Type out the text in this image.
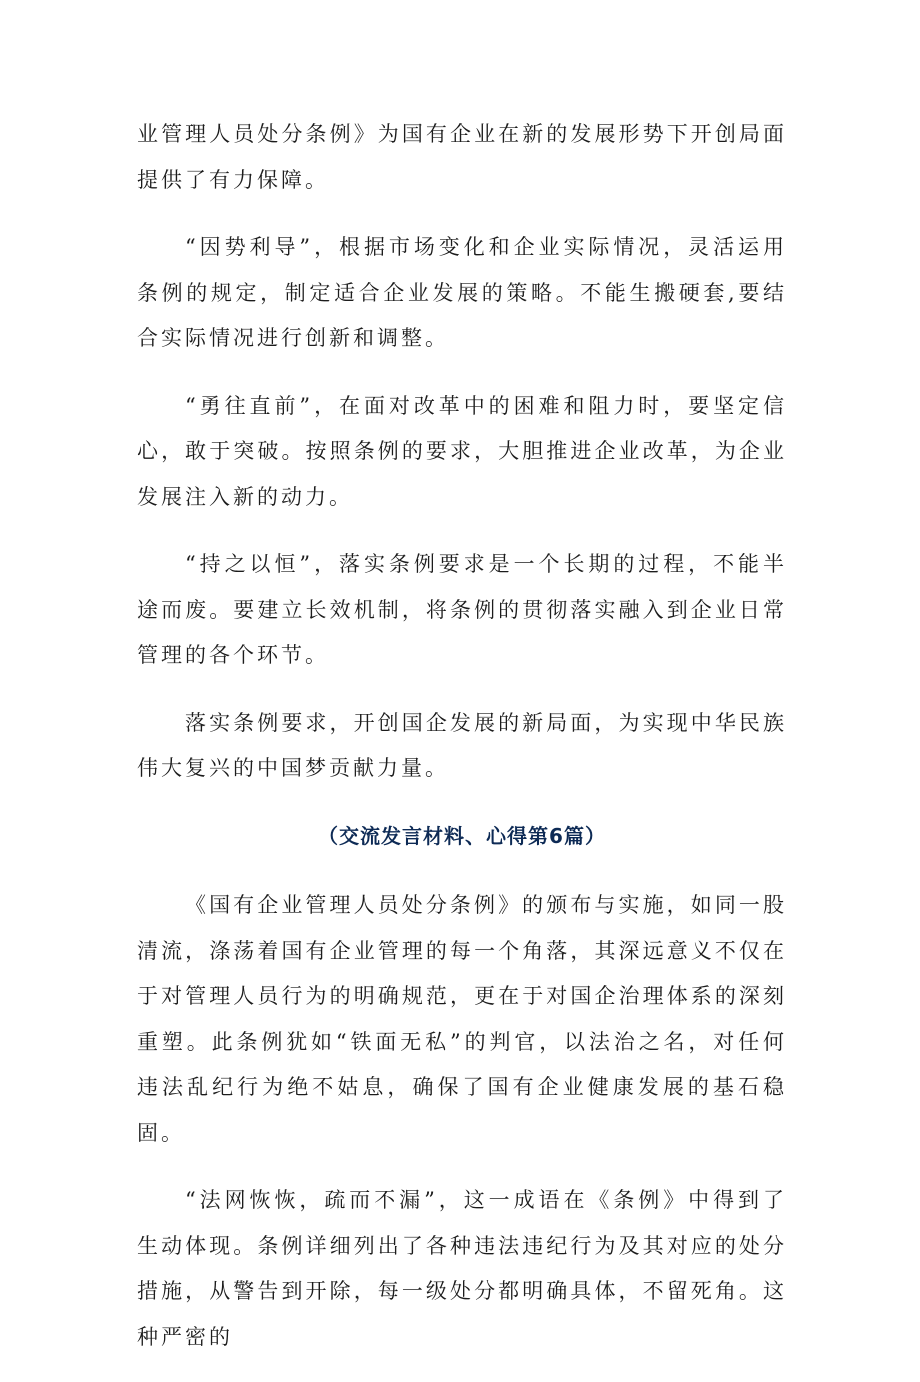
业管理人员处分条例》为国有企业在新的发展形势下开创局面提供了有力保障。

“因势利导”，根据市场变化和企业实际情况，灵活运用条例的规定，制定适合企业发展的策略。不能生搬硬套,要结合实际情况进行创新和调整。

“勇往直前”，在面对改革中的困难和阻力时，要坚定信心，敢于突破。按照条例的要求，大胆推进企业改革，为企业发展注入新的动力。

“持之以恒”，落实条例要求是一个长期的过程，不能半途而废。要建立长效机制，将条例的贯彻落实融入到企业日常管理的各个环节。

落实条例要求，开创国企发展的新局面，为实现中华民族伟大复兴的中国梦贡献力量。

（交流发言材料、心得第6篇）

《国有企业管理人员处分条例》的颁布与实施，如同一股清流，涤荡着国有企业管理的每一个角落，其深远意义不仅在于对管理人员行为的明确规范，更在于对国企治理体系的深刻重塑。此条例犹如“铁面无私”的判官，以法治之名，对任何违法乱纪行为绝不姑息，确保了国有企业健康发展的基石稳固。

“法网恢恢，疏而不漏”，这一成语在《条例》中得到了生动体现。条例详细列出了各种违法违纪行为及其对应的处分措施，从警告到开除，每一级处分都明确具体，不留死角。这种严密的
